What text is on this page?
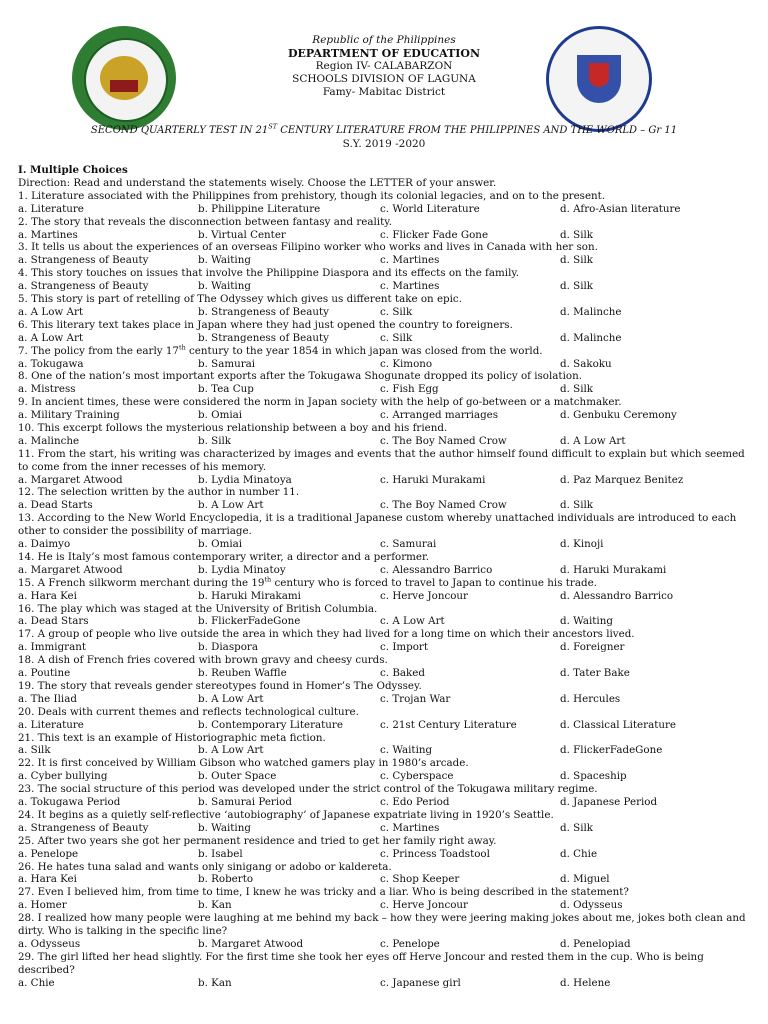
Republic of the Philippines
DEPARTMENT OF EDUCATION
Region IV- CALABARZON
SCHOOLS DIVISION OF LAGUNA
Famy- Mabitac District
SECOND QUARTERLY TEST IN 21ST CENTURY LITERATURE FROM THE PHILIPPINES AND THE WORLD – Gr 11
S.Y. 2019 -2020
I. Multiple Choices
Direction: Read and understand the statements wisely. Choose the LETTER of your answer.
1. Literature associated with the Philippines from prehistory, though its colonial legacies, and on to the present.
a. Literature	b. Philippine Literature	c. World Literature	d. Afro-Asian literature
2. The story that reveals the disconnection between fantasy and reality.
a. Martines	b. Virtual Center	c. Flicker Fade Gone	d. Silk
3. It tells us about the experiences of an overseas Filipino worker who works and lives in Canada with her son.
a. Strangeness of Beauty	b. Waiting	c. Martines	d. Silk
4. This story touches on issues that involve the Philippine Diaspora and its effects on the family.
a. Strangeness of Beauty	b. Waiting	c. Martines	d. Silk
5. This story is part of retelling of The Odyssey which gives us different take on epic.
a. A Low Art	b. Strangeness of Beauty	c. Silk	d. Malinche
6. This literary text takes place in Japan where they had just opened the country to foreigners.
a. A Low Art	b. Strangeness of Beauty	c. Silk	d. Malinche
7. The policy from the early 17th century to the year 1854 in which japan was closed from the world.
a. Tokugawa	b. Samurai	c. Kimono	d. Sakoku
8. One of the nation’s most important exports after the Tokugawa Shogunate dropped its policy of isolation.
a. Mistress	b. Tea Cup	c. Fish Egg	d. Silk
9. In ancient times, these were considered the norm in Japan society with the help of go-between or a matchmaker.
a. Military Training	b. Omiai	c. Arranged marriages	d. Genbuku Ceremony
10. This excerpt follows the mysterious relationship between a boy and his friend.
a. Malinche	b. Silk	c. The Boy Named Crow	d. A Low Art
11. From the start, his writing was characterized by images and events that the author himself found difficult to explain but which seemed to come from the inner recesses of his memory.
a. Margaret Atwood	b. Lydia Minatoya	c. Haruki Murakami	d. Paz Marquez Benitez
12. The selection written by the author in number 11.
a. Dead Starts	b. A Low Art	c. The Boy Named Crow	d. Silk
13. According to the New World Encyclopedia, it is a traditional Japanese custom whereby unattached individuals are introduced to each other to consider the possibility of marriage.
a. Daimyo	b. Omiai	c. Samurai	d. Kinoji
14. He is Italy’s most famous contemporary writer, a director and a performer.
a. Margaret Atwood	b. Lydia Minatoy	c. Alessandro Barrico	d. Haruki Murakami
15. A French silkworm merchant during the 19th century who is forced to travel to Japan to continue his trade.
a. Hara Kei	b. Haruki Mirakami	c. Herve Joncour	d. Alessandro Barrico
16. The play which was staged at the University of British Columbia.
a. Dead Stars	b. FlickerFadeGone	c. A Low Art	d. Waiting
17. A group of people who live outside the area in which they had lived for a long time on which their ancestors lived.
a. Immigrant	b. Diaspora	c. Import	d. Foreigner
18. A dish of French fries covered with brown gravy and cheesy curds.
a. Poutine	b. Reuben Waffle	c. Baked	d. Tater Bake
19. The story that reveals gender stereotypes found in Homer’s The Odyssey.
a. The Iliad	b. A Low Art	c. Trojan War	d. Hercules
20. Deals with current themes and reflects technological culture.
a. Literature	b. Contemporary Literature	c. 21st Century Literature	d. Classical Literature
21. This text is an example of Historiographic meta fiction.
a. Silk	b. A Low Art	c. Waiting	d. FlickerFadeGone
22. It is first conceived by William Gibson who watched gamers play in 1980’s arcade.
a. Cyber bullying	b. Outer Space	c. Cyberspace	d. Spaceship
23. The social structure of this period was developed under the strict control of the Tokugawa military regime.
a. Tokugawa Period	b. Samurai Period	c. Edo Period	d. Japanese Period
24. It begins as a quietly self-reflective ‘autobiography’ of Japanese expatriate living in 1920’s Seattle.
a. Strangeness of Beauty	b. Waiting	c. Martines	d. Silk
25. After two years she got her permanent residence and tried to get her family right away.
a. Penelope	b. Isabel	c. Princess Toadstool	d. Chie
26. He hates tuna salad and wants only sinigang or adobo or kaldereta.
a. Hara Kei	b. Roberto	c. Shop Keeper	d. Miguel
27. Even I believed him, from time to time, I knew he was tricky and a liar. Who is being described in the statement?
a. Homer	b. Kan	c. Herve Joncour	d. Odysseus
28. I realized how many people were laughing at me behind my back – how they were jeering making jokes about me, jokes both clean and dirty. Who is talking in the specific line?
a. Odysseus	b. Margaret Atwood	c. Penelope	d. Penelopiad
29. The girl lifted her head slightly. For the first time she took her eyes off Herve Joncour and rested them in the cup. Who is being described?
a. Chie	b. Kan	c. Japanese girl	d. Helene
